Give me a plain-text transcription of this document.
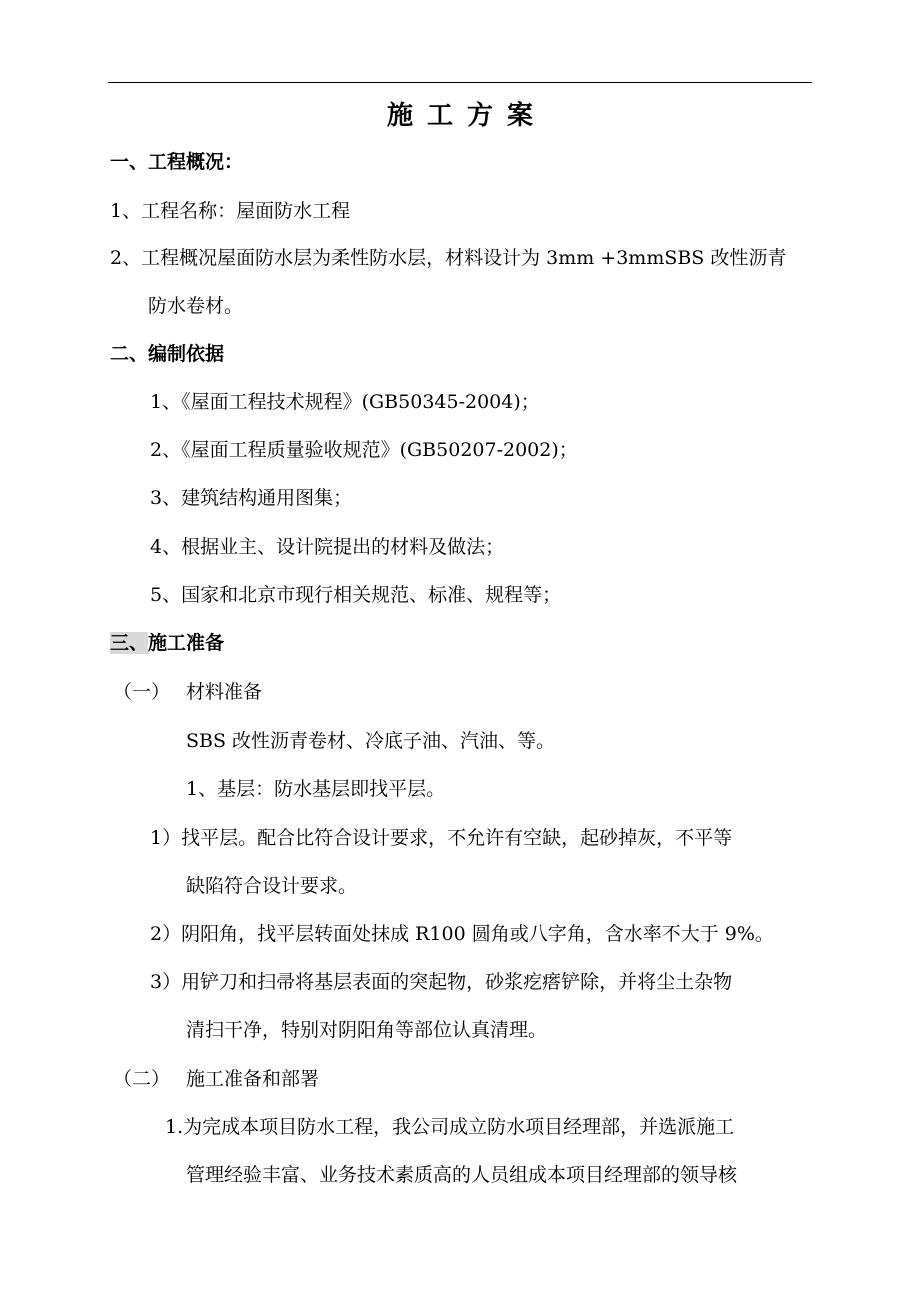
施工方案
一、工程概况：
1、工程名称：屋面防水工程
2、工程概况屋面防水层为柔性防水层，材料设计为 3mm +3mmSBS 改性沥青
防水卷材。
二、编制依据
1、《屋面工程技术规程》(GB50345-2004)；
2、《屋面工程质量验收规范》(GB50207-2002)；
3、建筑结构通用图集；
4、根据业主、设计院提出的材料及做法；
5、国家和北京市现行相关规范、标准、规程等；
三、施工准备
（一） 材料准备
SBS 改性沥青卷材、冷底子油、汽油、等。
1、基层：防水基层即找平层。
1）找平层。配合比符合设计要求，不允许有空缺，起砂掉灰，不平等
缺陷符合设计要求。
2）阴阳角，找平层转面处抹成 R100 圆角或八字角，含水率不大于 9%。
3）用铲刀和扫帚将基层表面的突起物，砂浆疙瘩铲除，并将尘土杂物
清扫干净，特别对阴阳角等部位认真清理。
（二） 施工准备和部署
1.为完成本项目防水工程，我公司成立防水项目经理部，并选派施工
管理经验丰富、业务技术素质高的人员组成本项目经理部的领导核
